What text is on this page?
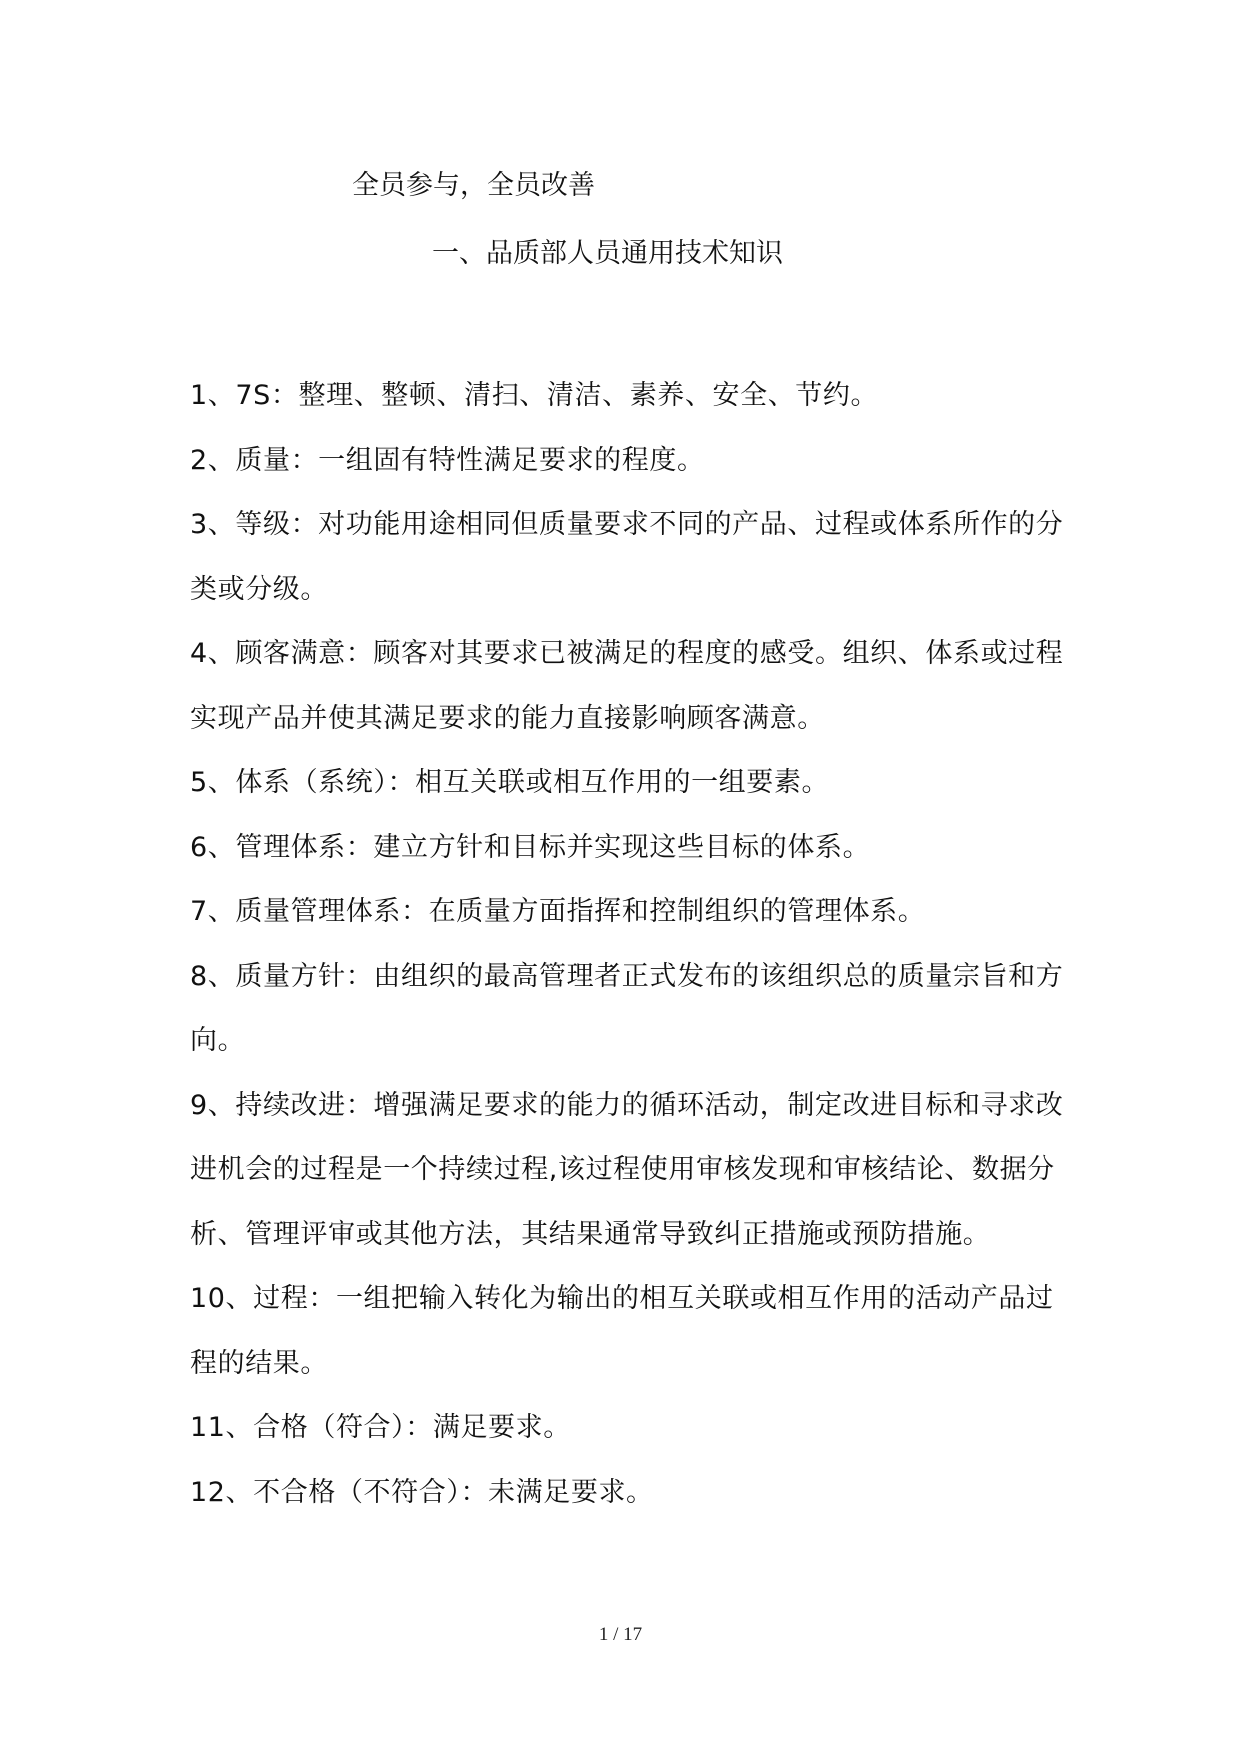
全员参与，全员改善
一、品质部人员通用技术知识

1、7S：整理、整顿、清扫、清洁、素养、安全、节约。

2、质量：一组固有特性满足要求的程度。

3、等级：对功能用途相同但质量要求不同的产品、过程或体系所作的分类或分级。

4、顾客满意：顾客对其要求已被满足的程度的感受。组织、体系或过程实现产品并使其满足要求的能力直接影响顾客满意。

5、体系（系统）：相互关联或相互作用的一组要素。

6、管理体系：建立方针和目标并实现这些目标的体系。

7、质量管理体系：在质量方面指挥和控制组织的管理体系。

8、质量方针：由组织的最高管理者正式发布的该组织总的质量宗旨和方向。

9、持续改进：增强满足要求的能力的循环活动，制定改进目标和寻求改进机会的过程是一个持续过程,该过程使用审核发现和审核结论、数据分析、管理评审或其他方法，其结果通常导致纠正措施或预防措施。

10、过程：一组把输入转化为输出的相互关联或相互作用的活动产品过程的结果。

11、合格（符合）：满足要求。

12、不合格（不符合）：未满足要求。

1 / 17
